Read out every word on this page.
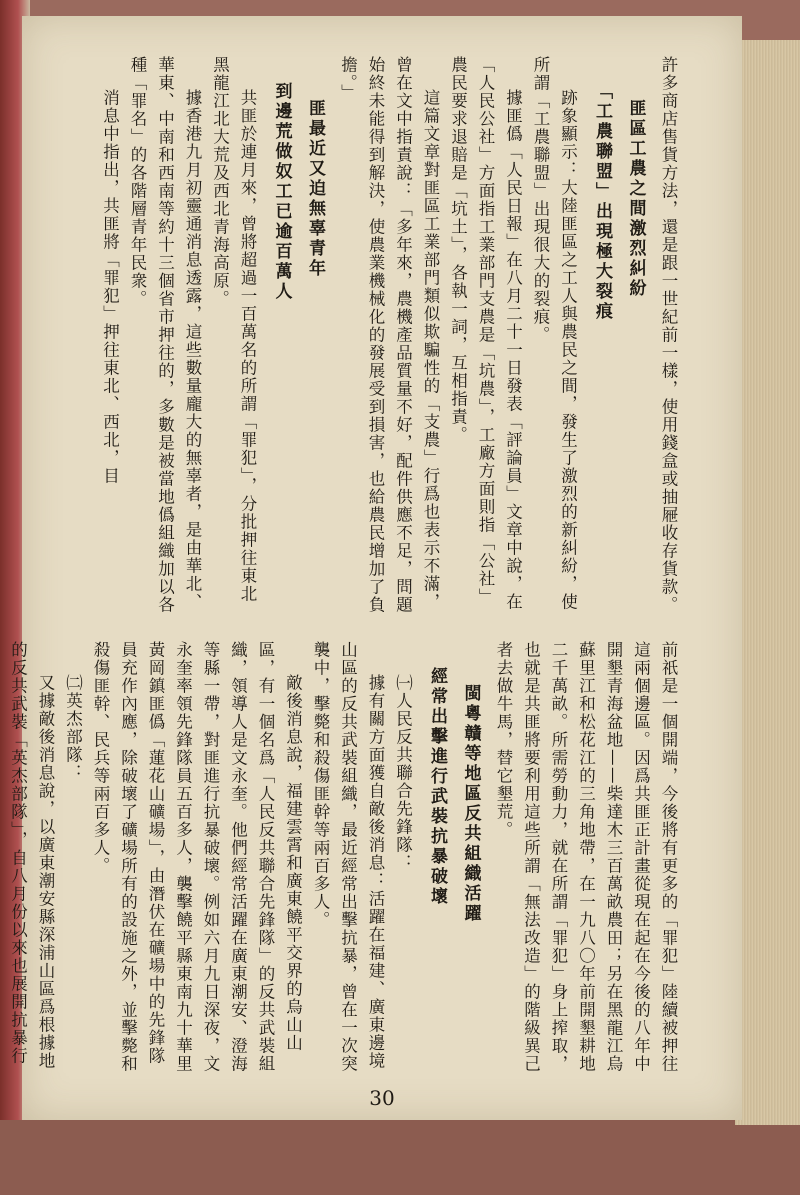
許多商店售貨方法，還是跟一世紀前一樣，使用錢盒或抽屜收存貨款。

匪區工農之間激烈糾紛
「工農聯盟」出現極大裂痕

跡象顯示：大陸匪區之工人與農民之間，發生了激烈的新糾紛，使所謂「工農聯盟」出現很大的裂痕。

據匪僞「人民日報」在八月二十一日發表「評論員」文章中說，在「人民公社」方面指工業部門支農是「坑農」，工廠方面則指「公社」農民要求退賠是「坑土」，各執一詞，互相指責。

這篇文章對匪區工業部門類似欺騙性的「支農」行爲也表示不滿，曾在文中指責說：「多年來，農機產品質量不好，配件供應不足，問題始終未能得到解決，使農業機械化的發展受到損害，也給農民增加了負擔。」

匪最近又迫無辜青年
到邊荒做奴工已逾百萬人

共匪於連月來，曾將超過一百萬名的所謂「罪犯」，分批押往東北黑龍江北大荒及西北青海高原。

據香港九月初靈通消息透露，這些數量龐大的無辜者，是由華北、華東、中南和西南等約十三個省市押往的，多數是被當地僞組織加以各種「罪名」的各階層青年民衆。

消息中指出，共匪將「罪犯」押往東北、西北，目

前祇是一個開端，今後將有更多的「罪犯」陸續被押往這兩個邊區。因爲共匪正計畫從現在起在今後的八年中開墾青海盆地——柴達木三百萬畝農田；另在黑龍江烏蘇里江和松花江的三角地帶，在一九八〇年前開墾耕地二千萬畝。所需勞動力，就在所謂「罪犯」身上搾取，也就是共匪將要利用這些所謂「無法改造」的階級異己者去做牛馬，替它墾荒。

閩粵贛等地區反共組織活躍
經常出擊進行武裝抗暴破壞

㈠人民反共聯合先鋒隊：

據有關方面獲自敵後消息：活躍在福建、廣東邊境山區的反共武裝組織，最近經常出擊抗暴，曾在一次突襲中，擊斃和殺傷匪幹等兩百多人。

敵後消息說，福建雲霄和廣東饒平交界的烏山山區，有一個名爲「人民反共聯合先鋒隊」的反共武裝組織，領導人是文永奎。他們經常活躍在廣東潮安、澄海等縣一帶，對匪進行抗暴破壞。例如六月九日深夜，文永奎率領先鋒隊員五百多人，襲擊饒平縣東南九十華里黃岡鎮匪僞「蓮花山礦場」，由潛伏在礦場中的先鋒隊員充作內應，除破壞了礦場所有的設施之外，並擊斃和殺傷匪幹、民兵等兩百多人。

㈡英杰部隊：

又據敵後消息說，以廣東潮安縣深浦山區爲根據地的反共武裝「英杰部隊」，自八月份以來也展開抗暴行

30
